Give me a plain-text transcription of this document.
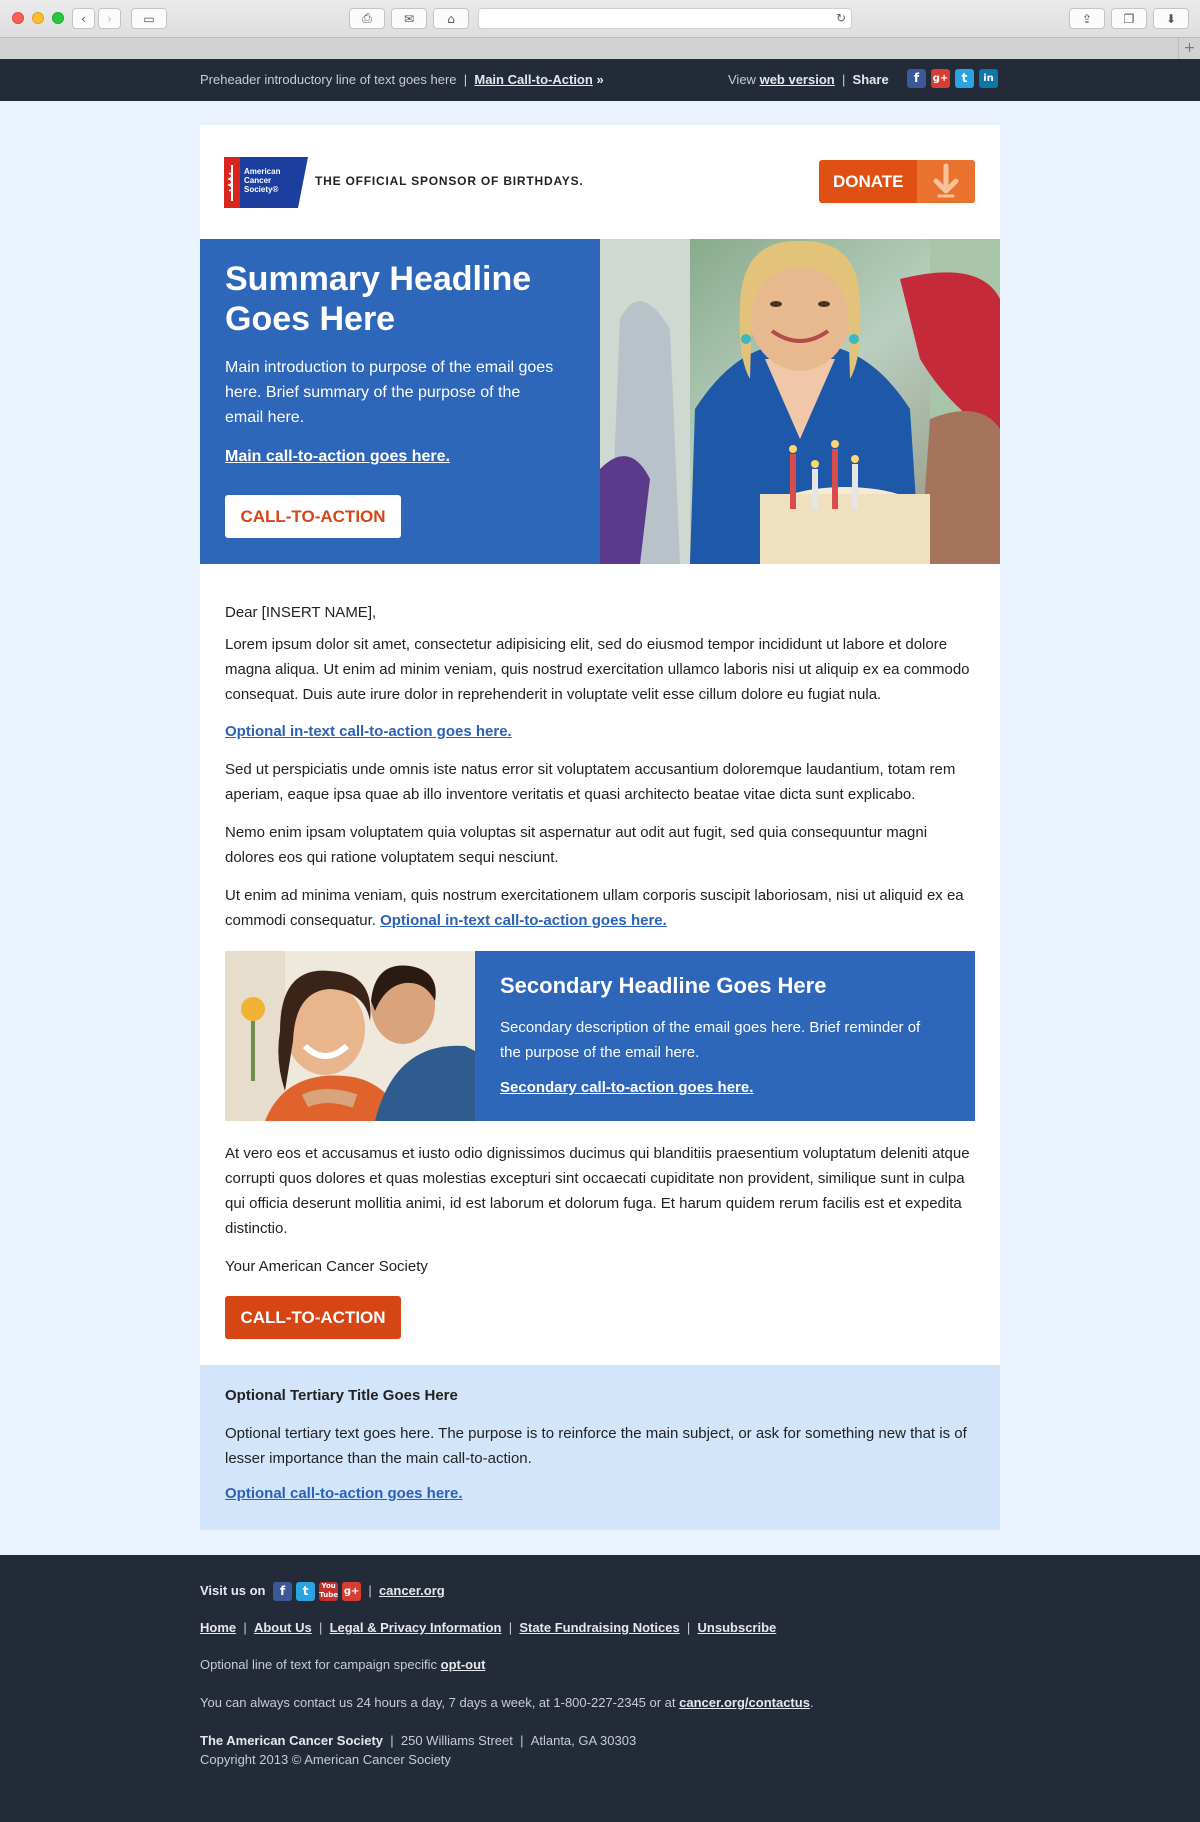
‹	›	▭	⎙	✉	⌂	↻	⇪	❐	⬇
+
Preheader introductory line of text goes here  |  Main Call-to-Action »	View web version  |  Share	f	g+	t	in
American
Cancer
Society®
THE OFFICIAL SPONSOR OF BIRTHDAYS.	DONATE
Summary Headline Goes Here

Main introduction to purpose of the email goes here. Brief summary of the purpose of the email here.

Main call-to-action goes here.
CALL-TO-ACTION

Dear [INSERT NAME],

Lorem ipsum dolor sit amet, consectetur adipisicing elit, sed do eiusmod tempor incididunt ut labore et dolore magna aliqua. Ut enim ad minim veniam, quis nostrud exercitation ullamco laboris nisi ut aliquip ex ea commodo consequat. Duis aute irure dolor in reprehenderit in voluptate velit esse cillum dolore eu fugiat nula.

Optional in-text call-to-action goes here.

Sed ut perspiciatis unde omnis iste natus error sit voluptatem accusantium doloremque laudantium, totam rem aperiam, eaque ipsa quae ab illo inventore veritatis et quasi architecto beatae vitae dicta sunt explicabo.

Nemo enim ipsam voluptatem quia voluptas sit aspernatur aut odit aut fugit, sed quia consequuntur magni dolores eos qui ratione voluptatem sequi nesciunt.

Ut enim ad minima veniam, quis nostrum exercitationem ullam corporis suscipit laboriosam, nisi ut aliquid ex ea commodi consequatur. Optional in-text call-to-action goes here.

Secondary Headline Goes Here

Secondary description of the email goes here. Brief reminder of the purpose of the email here.

Secondary call-to-action goes here.

At vero eos et accusamus et iusto odio dignissimos ducimus qui blanditiis praesentium voluptatum deleniti atque corrupti quos dolores et quas molestias excepturi sint occaecati cupiditate non provident, similique sunt in culpa qui officia deserunt mollitia animi, id est laborum et dolorum fuga. Et harum quidem rerum facilis est et expedita distinctio.

Your American Cancer Society

CALL-TO-ACTION
Optional Tertiary Title Goes Here

Optional tertiary text goes here. The purpose is to reinforce the main subject, or ask for something new that is of lesser importance than the main call-to-action.

Optional call-to-action goes here.
Visit us on f t You
Tube g+  |  cancer.org
Home  |  About Us  |  Legal & Privacy Information  |  State Fundraising Notices  |  Unsubscribe
Optional line of text for campaign specific opt-out
You can always contact us 24 hours a day, 7 days a week, at 1-800-227-2345 or at cancer.org/contactus.
The American Cancer Society  |  250 Williams Street  |  Atlanta, GA 30303
Copyright 2013 © American Cancer Society
